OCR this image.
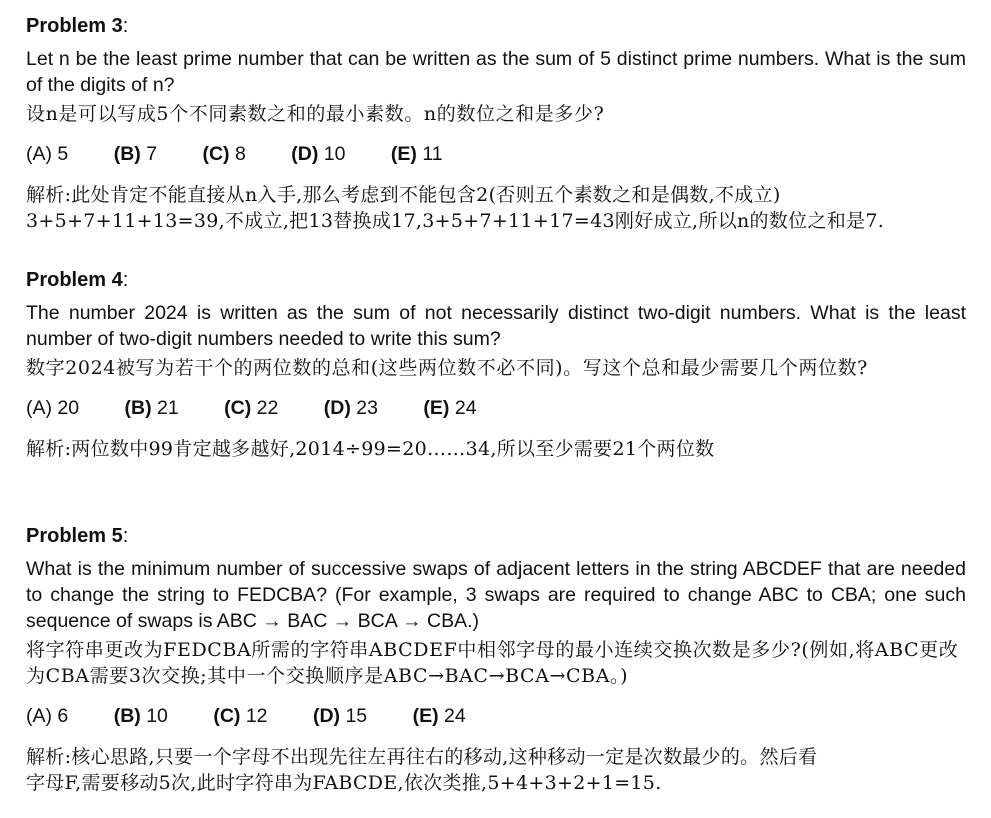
Problem 3:
Let n be the least prime number that can be written as the sum of 5 distinct prime numbers. What is the sum of the digits of n?
设n是可以写成5个不同素数之和的最小素数。n的数位之和是多少?
(A) 5 (B) 7 (C) 8 (D) 10 (E) 11
解析:此处肯定不能直接从n入手,那么考虑到不能包含2(否则五个素数之和是偶数,不成立)
3+5+7+11+13=39,不成立,把13替换成17,3+5+7+11+17=43刚好成立,所以n的数位之和是7.
Problem 4:
The number 2024 is written as the sum of not necessarily distinct two-digit numbers. What is the least number of two-digit numbers needed to write this sum?
数字2024被写为若干个的两位数的总和(这些两位数不必不同)。写这个总和最少需要几个两位数?
(A) 20 (B) 21 (C) 22 (D) 23 (E) 24
解析:两位数中99肯定越多越好,2014÷99=20……34,所以至少需要21个两位数
Problem 5:
What is the minimum number of successive swaps of adjacent letters in the string ABCDEF that are needed to change the string to FEDCBA? (For example, 3 swaps are required to change ABC to CBA; one such sequence of swaps is ABC → BAC → BCA → CBA.)
将字符串更改为FEDCBA所需的字符串ABCDEF中相邻字母的最小连续交换次数是多少?(例如,将ABC更改为CBA需要3次交换;其中一个交换顺序是ABC→BAC→BCA→CBA。)
(A) 6 (B) 10 (C) 12 (D) 15 (E) 24
解析:核心思路,只要一个字母不出现先往左再往右的移动,这种移动一定是次数最少的。然后看
字母F,需要移动5次,此时字符串为FABCDE,依次类推,5+4+3+2+1=15.
